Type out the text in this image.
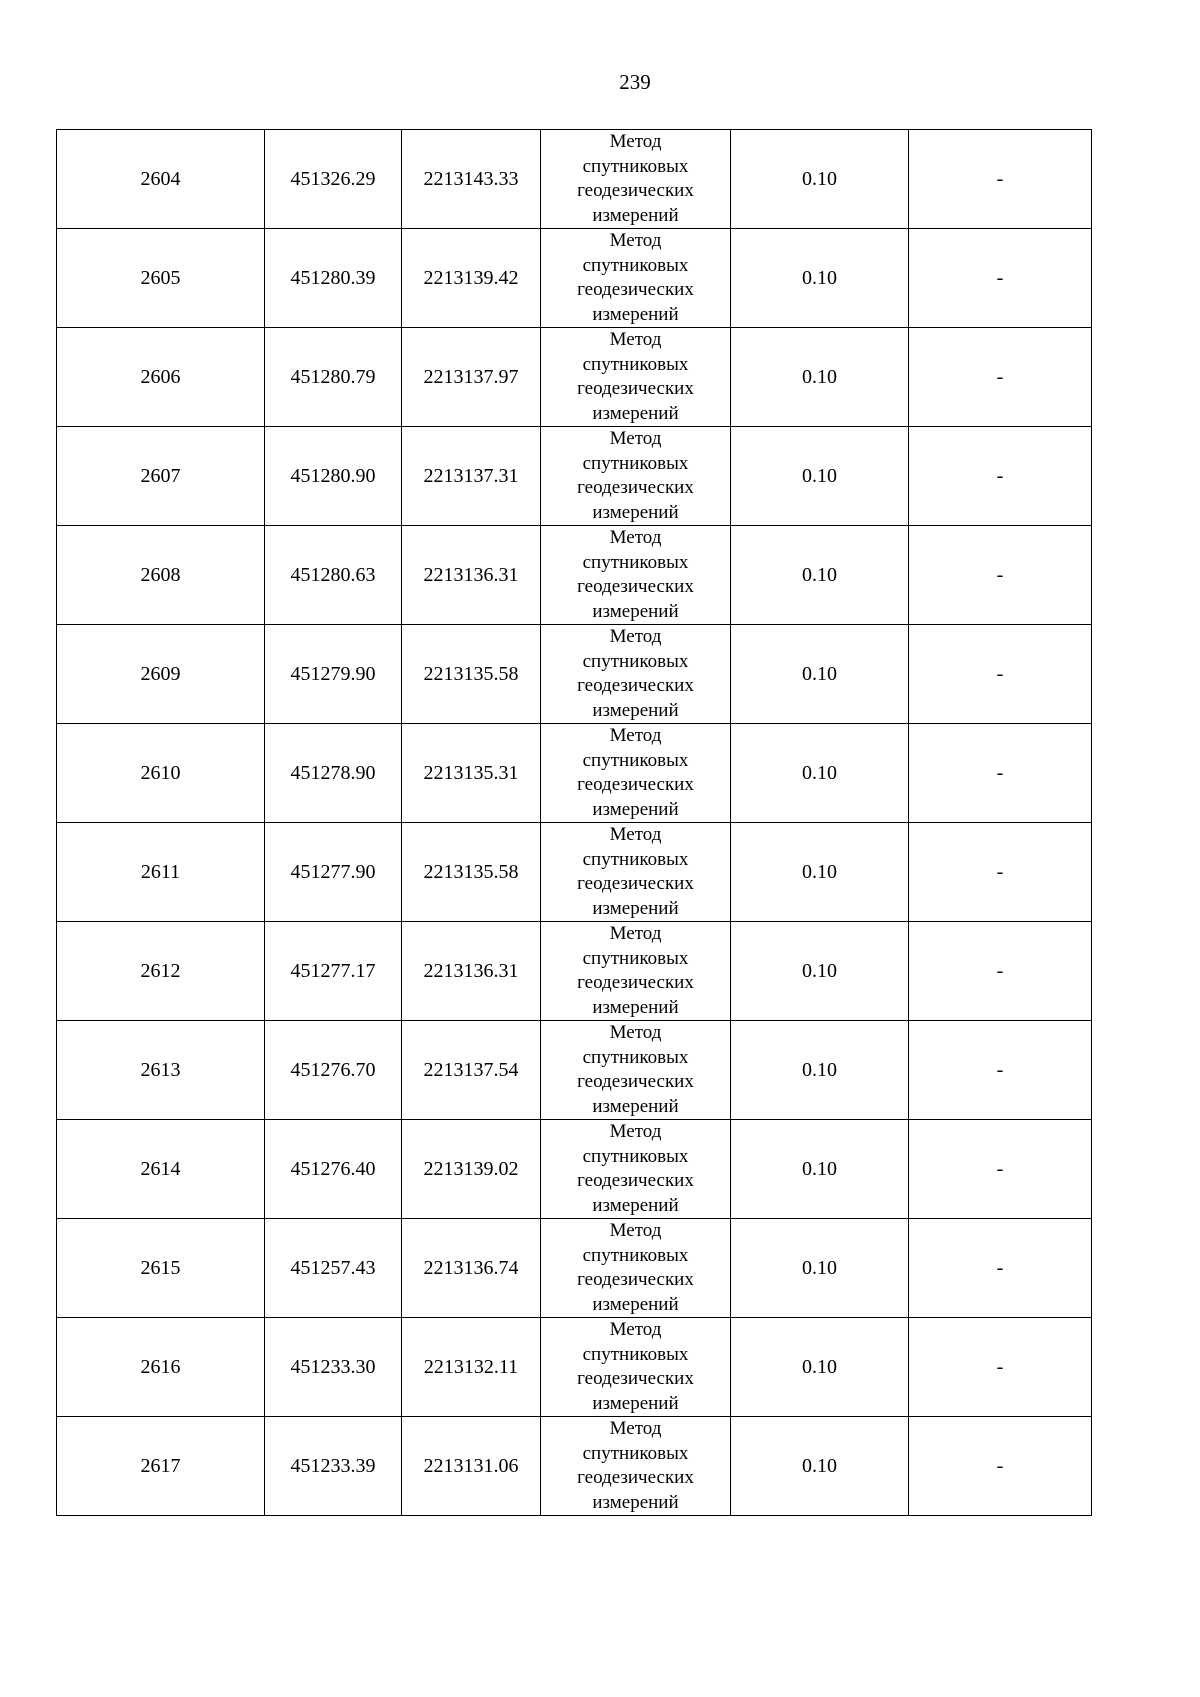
239
2604	451326.29	2213143.33	Метод
спутниковых
геодезических
измерений	0.10	-
2605	451280.39	2213139.42	Метод
спутниковых
геодезических
измерений	0.10	-
2606	451280.79	2213137.97	Метод
спутниковых
геодезических
измерений	0.10	-
2607	451280.90	2213137.31	Метод
спутниковых
геодезических
измерений	0.10	-
2608	451280.63	2213136.31	Метод
спутниковых
геодезических
измерений	0.10	-
2609	451279.90	2213135.58	Метод
спутниковых
геодезических
измерений	0.10	-
2610	451278.90	2213135.31	Метод
спутниковых
геодезических
измерений	0.10	-
2611	451277.90	2213135.58	Метод
спутниковых
геодезических
измерений	0.10	-
2612	451277.17	2213136.31	Метод
спутниковых
геодезических
измерений	0.10	-
2613	451276.70	2213137.54	Метод
спутниковых
геодезических
измерений	0.10	-
2614	451276.40	2213139.02	Метод
спутниковых
геодезических
измерений	0.10	-
2615	451257.43	2213136.74	Метод
спутниковых
геодезических
измерений	0.10	-
2616	451233.30	2213132.11	Метод
спутниковых
геодезических
измерений	0.10	-
2617	451233.39	2213131.06	Метод
спутниковых
геодезических
измерений	0.10	-
